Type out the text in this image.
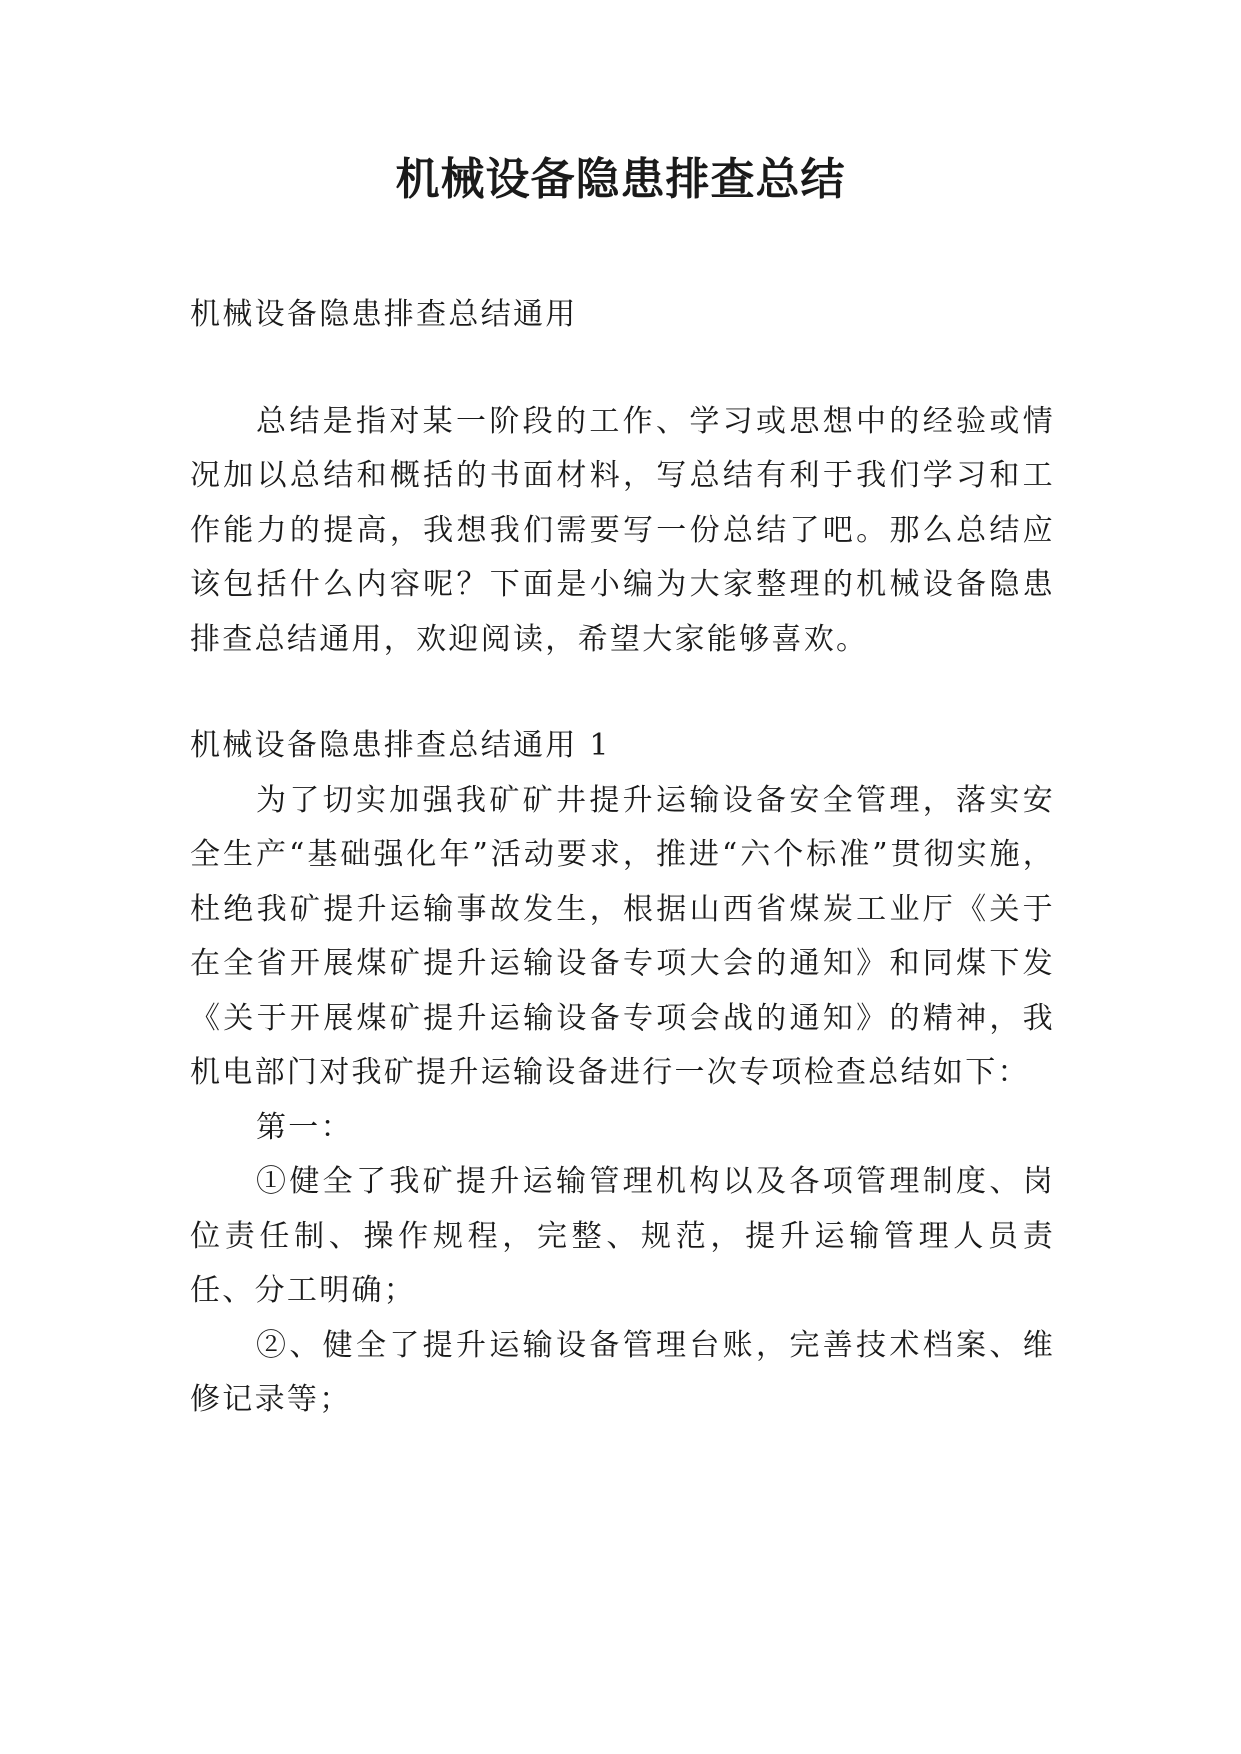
机械设备隐患排查总结

机械设备隐患排查总结通用

总结是指对某一阶段的工作、学习或思想中的经验或情况加以总结和概括的书面材料，写总结有利于我们学习和工作能力的提高，我想我们需要写一份总结了吧。那么总结应该包括什么内容呢？下面是小编为大家整理的机械设备隐患排查总结通用，欢迎阅读，希望大家能够喜欢。

机械设备隐患排查总结通用 1

为了切实加强我矿矿井提升运输设备安全管理，落实安全生产“基础强化年”活动要求，推进“六个标准”贯彻实施，杜绝我矿提升运输事故发生，根据山西省煤炭工业厅《关于在全省开展煤矿提升运输设备专项大会的通知》和同煤下发《关于开展煤矿提升运输设备专项会战的通知》的精神，我机电部门对我矿提升运输设备进行一次专项检查总结如下：

第一：

①健全了我矿提升运输管理机构以及各项管理制度、岗位责任制、操作规程，完整、规范，提升运输管理人员责任、分工明确；

②、健全了提升运输设备管理台账，完善技术档案、维修记录等；
